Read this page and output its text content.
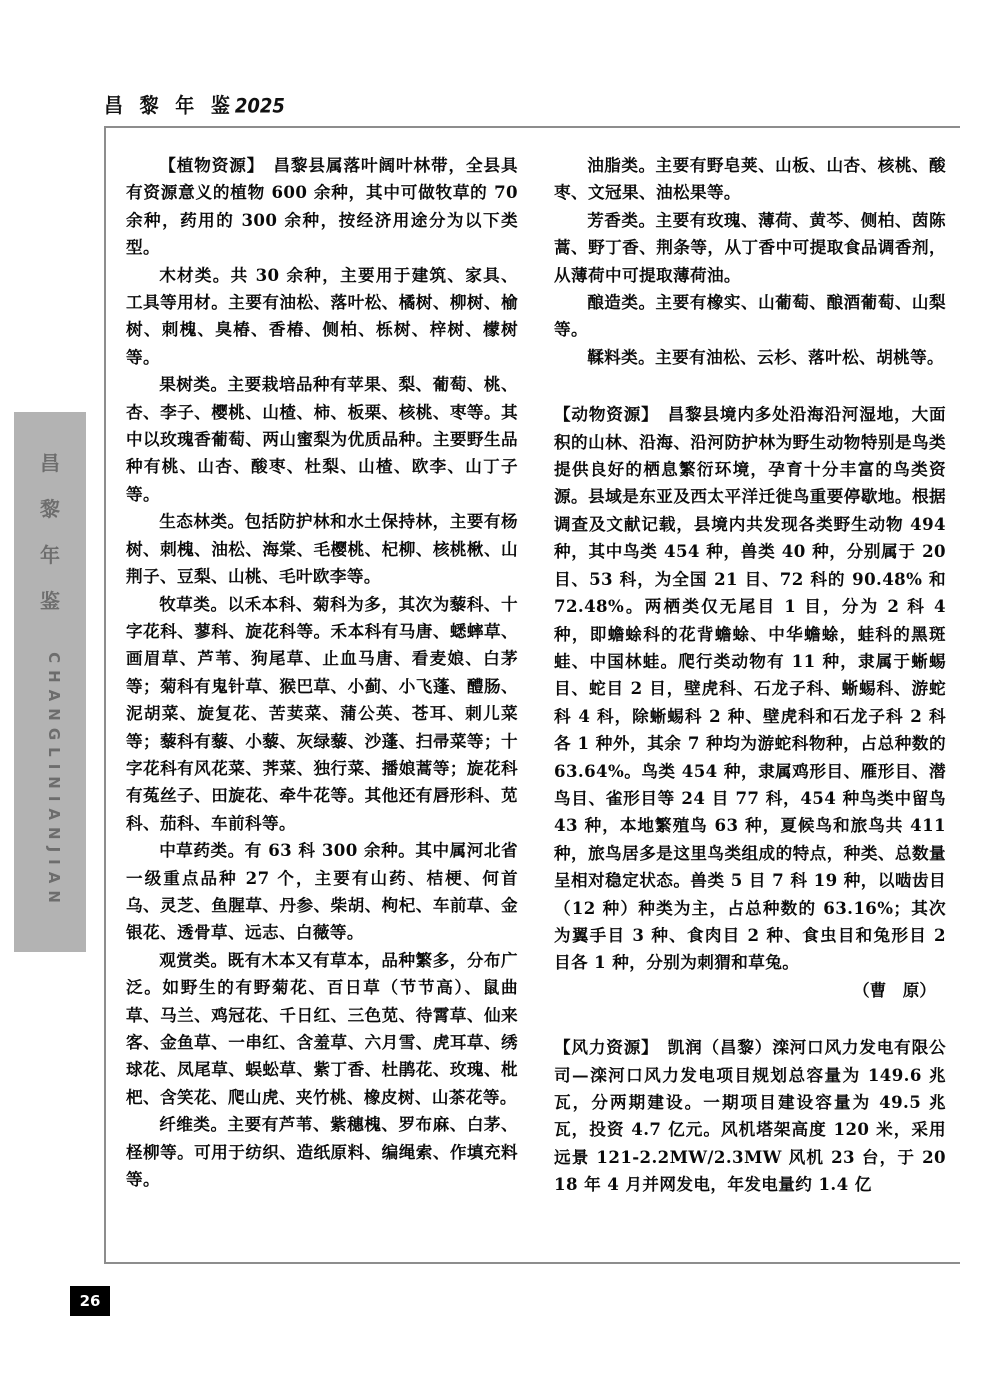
昌 黎 年 鉴2025
昌
黎
年
鉴
CHANGLINIANJIAN
26

【植物资源】　昌黎县属落叶阔叶林带，全县具有资源意义的植物 600 余种，其中可做牧草的 70 余种，药用的 300 余种，按经济用途分为以下类型。

木材类。共 30 余种，主要用于建筑、家具、工具等用材。主要有油松、落叶松、橘树、柳树、榆树、刺槐、臭椿、香椿、侧柏、栎树、梓树、檬树等。

果树类。主要栽培品种有苹果、梨、葡萄、桃、杏、李子、樱桃、山楂、柿、板栗、核桃、枣等。其中以玫瑰香葡萄、两山蜜梨为优质品种。主要野生品种有桃、山杏、酸枣、杜梨、山楂、欧李、山丁子等。

生态林类。包括防护林和水土保持林，主要有杨树、刺槐、油松、海棠、毛樱桃、杞柳、核桃楸、山荆子、豆梨、山桃、毛叶欧李等。

牧草类。以禾本科、菊科为多，其次为藜科、十字花科、蓼科、旋花科等。禾本科有马唐、蟋蟀草、画眉草、芦苇、狗尾草、止血马唐、看麦娘、白茅等；菊科有鬼针草、猴巴草、小蓟、小飞蓬、醴肠、泥胡菜、旋复花、苦荬菜、蒲公英、苍耳、刺儿菜等；藜科有藜、小藜、灰绿藜、沙蓬、扫帚菜等；十字花科有风花菜、荠菜、独行菜、播娘蒿等；旋花科有菟丝子、田旋花、牵牛花等。其他还有唇形科、苋科、茄科、车前科等。

中草药类。有 63 科 300 余种。其中属河北省一级重点品种 27 个，主要有山药、桔梗、何首乌、灵芝、鱼腥草、丹参、柴胡、枸杞、车前草、金银花、透骨草、远志、白薇等。

观赏类。既有木本又有草本，品种繁多，分布广泛。如野生的有野菊花、百日草（节节高）、鼠曲草、马兰、鸡冠花、千日红、三色苋、待霄草、仙来客、金鱼草、一串红、含羞草、六月雪、虎耳草、绣球花、凤尾草、蜈蚣草、紫丁香、杜鹃花、玫瑰、枇杷、含笑花、爬山虎、夹竹桃、橡皮树、山茶花等。

纤维类。主要有芦苇、紫穗槐、罗布麻、白茅、柽柳等。可用于纺织、造纸原料、编绳索、作填充料等。

油脂类。主要有野皂荚、山板、山杏、核桃、酸枣、文冠果、油松果等。

芳香类。主要有玫瑰、薄荷、黄芩、侧柏、茵陈蒿、野丁香、荆条等，从丁香中可提取食品调香剂，从薄荷中可提取薄荷油。

酿造类。主要有橡实、山葡萄、酿酒葡萄、山梨等。

鞣料类。主要有油松、云杉、落叶松、胡桃等。

【动物资源】　昌黎县境内多处沿海沿河湿地，大面积的山林、沿海、沿河防护林为野生动物特别是鸟类提供良好的栖息繁衍环境，孕育十分丰富的鸟类资源。县域是东亚及西太平洋迁徙鸟重要停歇地。根据调查及文献记载，县境内共发现各类野生动物 494 种，其中鸟类 454 种，兽类 40 种，分别属于 20 目、53 科，为全国 21 目、72 科的 90.48% 和 72.48%。两栖类仅无尾目 1 目，分为 2 科 4 种，即蟾蜍科的花背蟾蜍、中华蟾蜍，蛙科的黑斑蛙、中国林蛙。爬行类动物有 11 种，隶属于蜥蜴目、蛇目 2 目，壁虎科、石龙子科、蜥蜴科、游蛇科 4 科，除蜥蜴科 2 种、壁虎科和石龙子科 2 科各 1 种外，其余 7 种均为游蛇科物种，占总种数的 63.64%。鸟类 454 种，隶属鸡形目、雁形目、潜鸟目、雀形目等 24 目 77 科，454 种鸟类中留鸟 43 种，本地繁殖鸟 63 种，夏候鸟和旅鸟共 411 种，旅鸟居多是这里鸟类组成的特点，种类、总数量呈相对稳定状态。兽类 5 目 7 科 19 种，以啮齿目（12 种）种类为主，占总种数的 63.16%；其次为翼手目 3 种、食肉目 2 种、食虫目和兔形目 2 目各 1 种，分别为刺猬和草兔。

（曹　原）

【风力资源】　凯润（昌黎）滦河口风力发电有限公司—滦河口风力发电项目规划总容量为 149.6 兆瓦，分两期建设。一期项目建设容量为 49.5 兆瓦，投资 4.7 亿元。风机塔架高度 120 米，采用远景 121-2.2MW/2.3MW 风机 23 台，于 2018 年 4 月并网发电，年发电量约 1.4 亿
